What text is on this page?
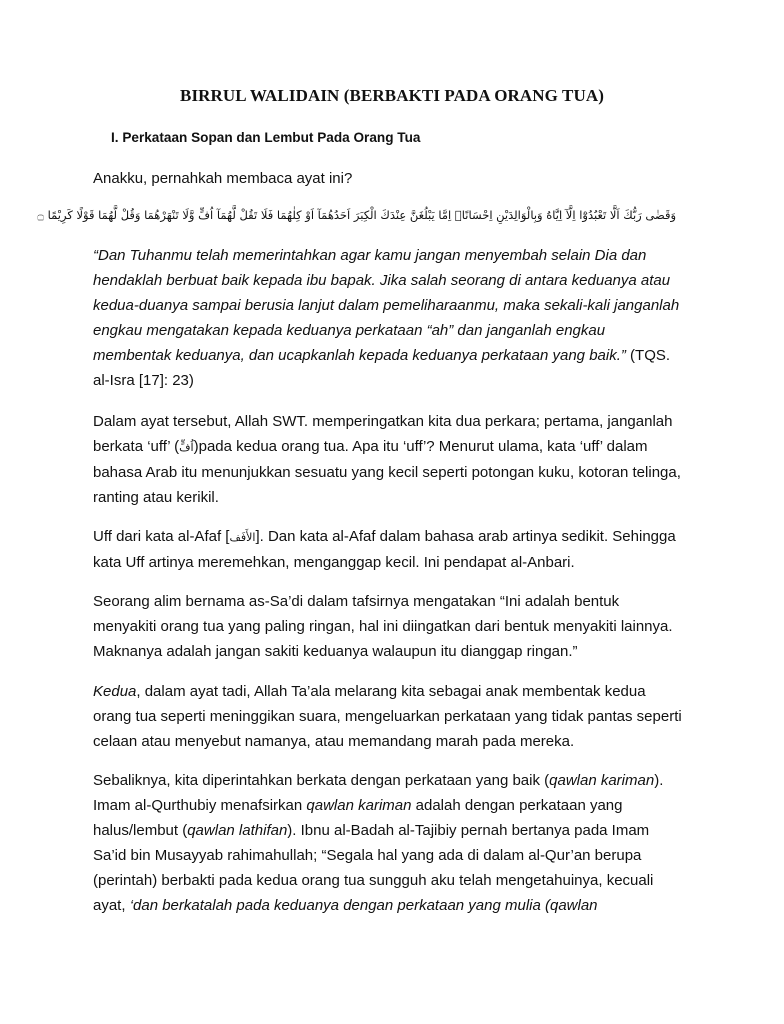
BIRRUL WALIDAIN (BERBAKTI PADA ORANG TUA)
I. Perkataan Sopan dan Lembut Pada Orang Tua

Anakku, pernahkah membaca ayat ini?

وَقَضٰى رَبُّكَ اَلَّا تَعْبُدُوْٓا اِلَّآ اِيَّاهُ وَبِالْوَالِدَيْنِ اِحْسَانًاۗ اِمَّا يَبْلُغَنَّ عِنْدَكَ الْكِبَرَ اَحَدُهُمَآ اَوْ كِلٰهُمَا فَلَا تَقُلْ لَّهُمَآ اُفٍّ وَّلَا تَنْهَرْهُمَا وَقُلْ لَّهُمَا قَوْلًا كَرِيْمًا ۝

“Dan Tuhanmu telah memerintahkan agar kamu jangan menyembah selain Dia dan hendaklah berbuat baik kepada ibu bapak. Jika salah seorang di antara keduanya atau kedua-duanya sampai berusia lanjut dalam pemeliharaanmu, maka sekali-kali janganlah engkau mengatakan kepada keduanya perkataan “ah” dan janganlah engkau membentak keduanya, dan ucapkanlah kepada keduanya perkataan yang baik.” (TQS. al-Isra [17]: 23)

Dalam ayat tersebut, Allah SWT. memperingatkan kita dua perkara; pertama, janganlah berkata ‘uff’ (اُفٍّ)pada kedua orang tua. Apa itu ‘uff’? Menurut ulama, kata ‘uff’ dalam bahasa Arab itu menunjukkan sesuatu yang kecil seperti potongan kuku, kotoran telinga, ranting atau kerikil.

Uff dari kata al-Afaf [الأَفَف]. Dan kata al-Afaf dalam bahasa arab artinya sedikit. Sehingga kata Uff artinya meremehkan, menganggap kecil. Ini pendapat al-Anbari.

Seorang alim bernama as-Sa’di dalam tafsirnya mengatakan “Ini adalah bentuk menyakiti orang tua yang paling ringan, hal ini diingatkan dari bentuk menyakiti lainnya. Maknanya adalah jangan sakiti keduanya walaupun itu dianggap ringan.”

Kedua, dalam ayat tadi, Allah Ta’ala melarang kita sebagai anak membentak kedua orang tua seperti meninggikan suara, mengeluarkan perkataan yang tidak pantas seperti celaan atau menyebut namanya, atau memandang marah pada mereka.

Sebaliknya, kita diperintahkan berkata dengan perkataan yang baik (qawlan kariman). Imam al-Qurthubiy menafsirkan qawlan kariman adalah dengan perkataan yang halus/lembut (qawlan lathifan). Ibnu al-Badah al-Tajibiy pernah bertanya pada Imam Sa’id bin Musayyab rahimahullah; “Segala hal yang ada di dalam al-Qur’an berupa (perintah) berbakti pada kedua orang tua sungguh aku telah mengetahuinya, kecuali ayat, ‘dan berkatalah pada keduanya dengan perkataan yang mulia (qawlan
